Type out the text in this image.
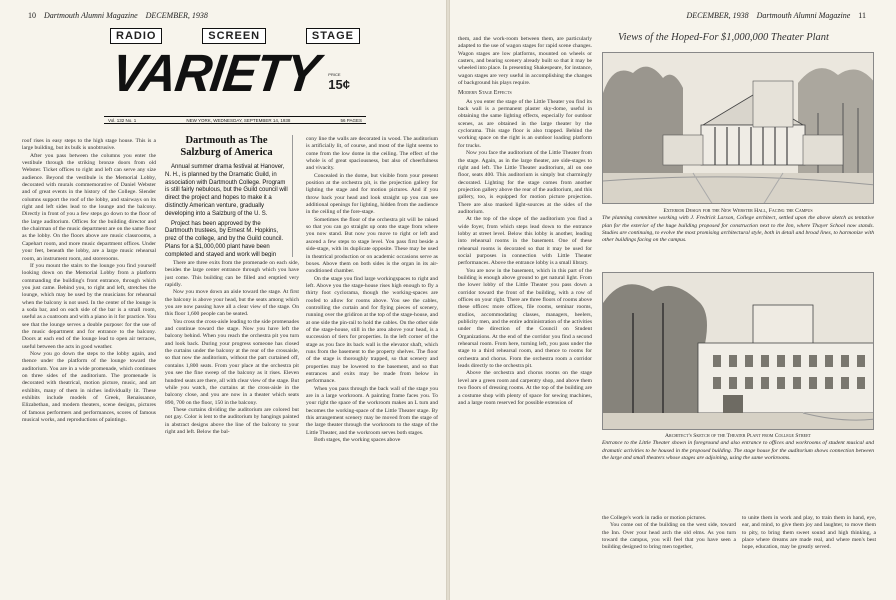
10 Dartmouth Alumni Magazine DECEMBER, 1938
RADIO	SCREEN	STAGE
VARIETY	PRICE
15¢
Vol. 132 No. 1	NEW YORK, WEDNESDAY, SEPTEMBER 14, 1938	56 PAGES

roof rises in easy steps to the high stage house. This is a large building, but its bulk is unobtrusive.

After you pass between the columns you enter the vestibule through the striking bronze doors from old Webster. Ticket offices to right and left can serve any size audience. Beyond the vestibule is the Memorial Lobby, decorated with murals commemorative of Daniel Webster and of great events in the history of the College. Slender columns support the roof of the lobby, and stairways on its right and left sides lead to the lounge and the balcony. Directly in front of you a few steps go down to the floor of the large auditorium. Offices for the building director and the chairman of the music department are on the same floor as the lobby. On the floors above are music classrooms, a Capehart room, and more music department offices. Under your feet, beneath the lobby, are a large music rehearsal room, an instrument room, and storerooms.

If you mount the stairs to the lounge you find yourself looking down on the Memorial Lobby from a platform commanding the building's front entrance, through which you just came. Behind you, to right and left, stretches the lounge, which may be used by the musicians for rehearsal when the balcony is not used. In the center of the lounge is a soda bar, and on each side of the bar is a small room, useful as a coatroom and with a piano in it for practice. You see that the lounge serves a double purpose: for the use of the music department and for entrance to the balcony. Doors at each end of the lounge lead to open air terraces, useful between the acts in good weather.

Now you go down the steps to the lobby again, and thence under the platform of the lounge toward the auditorium. You are in a wide promenade, which continues on three sides of the auditorium. The promenade is decorated with theatrical, motion picture, music, and art exhibits, many of them in niches individually lit. These exhibits include models of Greek, Renaissance, Elizabethan, and modern theaters, scene designs, pictures of famous performers and performances, scores of famous musical works, and reproductions of paintings.

Dartmouth as The Salzburg of America

Annual summer drama festival at Hanover, N. H., is planned by the Dramatic Guild, in association with Dartmouth College. Program is still fairly nebulous, but the Guild council will direct the project and hopes to make it a distinctly American venture, gradually developing into a Salzburg of the U. S.

Project has been approved by the Dartmouth trustees, by Ernest M. Hopkins, prez of the college, and by the Guild council. Plans for a $1,000,000 plant have been completed and stayed and work will begin

There are three exits from the promenade on each side, besides the large center entrance through which you have just come. This building can be filled and emptied very rapidly.

Now you move down an aisle toward the stage. At first the balcony is above your head, but the seats among which you are now passing have all a clear view of the stage. On this floor 1,600 people can be seated.

You cross the cross-aisle leading to the side promenades and continue toward the stage. Now you have left the balcony behind. When you reach the orchestra pit you turn and look back. During your progress someone has closed the curtains under the balcony at the rear of the crossaisle, so that now the auditorium, without the part curtained off, contains 1,800 seats. From your place at the orchestra pit you see the fine sweep of the balcony as it rises. Eleven hundred seats are there, all with clear view of the stage. But while you watch, the curtains at the cross-aisle in the balcony close, and you are now in a theater which seats 890, 700 on the floor, 150 in the balcony.

These curtains dividing the auditorium are colored but not gay. Color is lent to the auditorium by hangings painted in abstract designs above the line of the balcony to your right and left. Below the bal-

cony line the walls are decorated in wood. The auditorium is artificially lit, of course, and most of the light seems to come from the low dome in the ceiling. The effect of the whole is of great spaciousness, but also of cheerfulness and vivacity.

Concealed in the dome, but visible from your present position at the orchestra pit, is the projection gallery for lighting the stage and for motion pictures. And if you throw back your head and look straight up you can see additional openings for lighting, hidden from the audience in the ceiling of the fore-stage.

Sometimes the floor of the orchestra pit will be raised so that you can go straight up onto the stage from where you now stand. But now you move to right or left and ascend a few steps to stage level. You pass first beside a side-stage, with its duplicate opposite. These may be used in theatrical production or on academic occasions serve as boxes. Above them on both sides is the organ in its air-conditioned chamber.

On the stage you find large workingspaces to right and left. Above you the stage-house rises high enough to fly a thirty foot cyclorama, though the working-spaces are roofed to allow for rooms above. You see the cables, controlling the curtain and for flying pieces of scenery, running over the gridiron at the top of the stage-house, and at one side the pin-rail to hold the cables. On the other side of the stage-house, still in the area above your head, is a succession of tiers for properties. In the left corner of the stage as you face its back wall is the elevator shaft, which runs from the basement to the property shelves. The floor of the stage is thoroughly trapped, so that scenery and properties may be lowered to the basement, and so that entrances and exits may be made from below in performance.

When you pass through the back wall of the stage you are in a large workroom. A painting frame faces you. To your right the space of the workroom makes an L turn and becomes the working-space of the Little Theater stage. By this arrangement scenery may be moved from the stage of the large theater through the workroom to the stage of the Little Theater, and the workroom serves both stages.

Both stages, the working spaces above

DECEMBER, 1938 Dartmouth Alumni Magazine 11

them, and the work-room between them, are particularly adapted to the use of wagon stages for rapid scene changes. Wagon stages are low platforms, mounted on wheels or casters, and bearing scenery already built so that it may be wheeled into place. In presenting Shakespeare, for instance, wagon stages are very useful in accomplishing the changes of background his plays require.

Modern Stage Effects

As you enter the stage of the Little Theater you find its back wall is a permanent plaster sky-dome, useful in obtaining the same lighting effects, especially for outdoor scenes, as are obtained in the large theater by the cyclorama. This stage floor is also trapped. Behind the working space on the right is an outdoor loading platform for trucks.

Now you face the auditorium of the Little Theater from the stage. Again, as in the large theater, are side-stages to right and left. The Little Theater auditorium, all on one floor, seats 400. This auditorium is simply but charmingly decorated. Lighting for the stage comes from another projection gallery above the rear of the auditorium, and this gallery, too, is equipped for motion picture projection. There are also masked light-sources at the sides of the auditorium.

At the top of the slope of the auditorium you find a wide foyer, from which steps lead down to the entrance lobby at street level. Below this lobby is another, leading into rehearsal rooms in the basement. One of these rehearsal rooms is decorated so that it may be used for social purposes in connection with Little Theater performances. Above the entrance lobby is a small library.

You are now in the basement, which in this part of the building is enough above ground to get natural light. From the lower lobby of the Little Theater you pass down a corridor toward the front of the building, with a row of offices on your right. There are three floors of rooms above these offices: more offices, file rooms, seminar rooms, studios, accommodating classes, managers, heelers, publicity men, and the entire administration of the activities under the direction of the Council on Student Organizations. At the end of the corridor you find a second rehearsal room. From here, turning left, you pass under the stage to a third rehearsal room, and thence to rooms for orchestra and chorus. From the orchestra room a corridor leads directly to the orchestra pit.

Above the orchestra and chorus rooms on the stage level are a green room and carpentry shop, and above them two floors of dressing rooms. At the top of the building are a costume shop with plenty of space for sewing machines, and a large room reserved for possible extension of

Views of the Hoped-For $1,000,000 Theater Plant
Exterior Design for the New Webster Hall, Facing the Campus
The planning committee working with J. Fredrick Larson, College architect, settled upon the above sketch as tentative plan for the exterior of the huge building proposed for construction next to the Inn, where Thayer School now stands. Studies are continuing, to evolve the most promising architectural style, both in detail and broad lines, to harmonize with other buildings facing on the campus.
Architect's Sketch of the Theater Plant from College Street
Entrance to the Little Theater shown in foreground and also entrance to offices and workrooms of student musical and dramatic activities to be housed in the proposed building. The stage house for the auditorium shows connection between the large and small theaters whose stages are adjoining, using the same workrooms.

the College's work in radio or motion pictures.

You come out of the building on the west side, toward the Inn. Over your head arch the old elms. As you turn toward the campus, you will feel that you have seen a building designed to bring men together,

to unite them in work and play, to train them in hand, eye, ear, and mind, to give them joy and laughter, to move them to pity, to bring them sweet sound and high thinking, a place where dreams are made real, and where men's best hope, education, may be greatly served.
